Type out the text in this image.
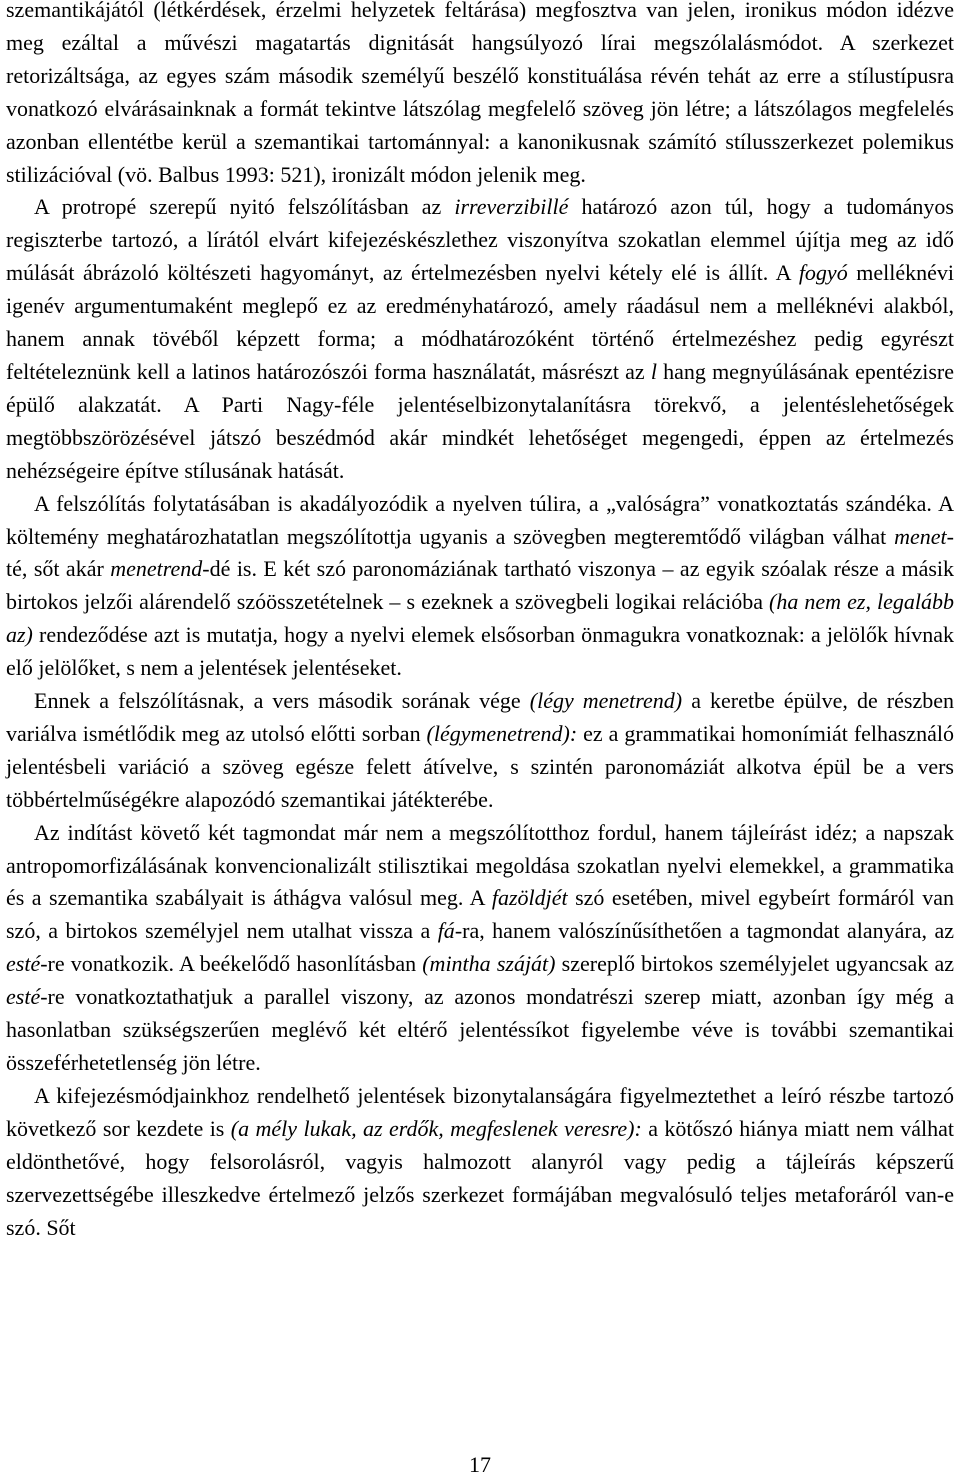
szemantikájától (létkérdések, érzelmi helyzetek feltárása) megfosztva van jelen, ironikus módon idézve meg ezáltal a művészi magatartás dignitását hangsúlyozó lírai megszólalásmódot. A szerkezet retorizáltsága, az egyes szám második személyű beszélő konstituálása révén tehát az erre a stílustípusra vonatkozó elvárásainknak a formát tekintve látszólag megfelelő szöveg jön létre; a látszólagos megfelelés azonban ellentétbe kerül a szemantikai tartománnyal: a kanonikusnak számító stílusszerkezet polemikus stilizációval (vö. Balbus 1993: 521), ironizált módon jelenik meg.

A protropé szerepű nyitó felszólításban az irreverzibillé határozó azon túl, hogy a tudományos regiszterbe tartozó, a lírától elvárt kifejezéskészlethez viszonyítva szokatlan elemmel újítja meg az idő múlását ábrázoló költészeti hagyományt, az értelmezésben nyelvi kétely elé is állít. A fogyó melléknévi igenév argumentumaként meglepő ez az eredményhatározó, amely ráadásul nem a melléknévi alakból, hanem annak tövéből képzett forma; a módhatározóként történő értelmezéshez pedig egyrészt feltételeznünk kell a latinos határozószói forma használatát, másrészt az l hang megnyúlásának epentézisre épülő alakzatát. A Parti Nagy-féle jelentéselbizonytalanításra törekvő, a jelentéslehetőségek megtöbbszörözésével játszó beszédmód akár mindkét lehetőséget megengedi, éppen az értelmezés nehézségeire építve stílusának hatását.

A felszólítás folytatásában is akadályozódik a nyelven túlira, a „valóságra” vonatkoztatás szándéka. A költemény meghatározhatatlan megszólítottja ugyanis a szövegben megteremtődő világban válhat menet-té, sőt akár menetrend-dé is. E két szó paronomáziának tartható viszonya – az egyik szóalak része a másik birtokos jelzői alárendelő szóösszetételnek – s ezeknek a szövegbeli logikai relációba (ha nem ez, legalább az) rendeződése azt is mutatja, hogy a nyelvi elemek elsősorban önmagukra vonatkoznak: a jelölők hívnak elő jelölőket, s nem a jelentések jelentéseket.

Ennek a felszólításnak, a vers második sorának vége (légy menetrend) a keretbe épülve, de részben variálva ismétlődik meg az utolsó előtti sorban (légymenetrend): ez a grammatikai homonímiát felhasználó jelentésbeli variáció a szöveg egésze felett átívelve, s szintén paronomáziát alkotva épül be a vers többértelműségékre alapozódó szemantikai játékterébe.

Az indítást követő két tagmondat már nem a megszólítotthoz fordul, hanem tájleírást idéz; a napszak antropomorfizálásának konvencionalizált stilisztikai megoldása szokatlan nyelvi elemekkel, a grammatika és a szemantika szabályait is áthágva valósul meg. A fazöldjét szó esetében, mivel egybeírt formáról van szó, a birtokos személyjel nem utalhat vissza a fá-ra, hanem valószínűsíthetően a tagmondat alanyára, az esté-re vonatkozik. A beékelődő hasonlításban (mintha száját) szereplő birtokos személyjelet ugyancsak az esté-re vonatkoztathatjuk a parallel viszony, az azonos mondatrészi szerep miatt, azonban így még a hasonlatban szükségszerűen meglévő két eltérő jelentéssíkot figyelembe véve is további szemantikai összeférhetetlenség jön létre.

A kifejezésmódjainkhoz rendelhető jelentések bizonytalanságára figyelmeztethet a leíró részbe tartozó következő sor kezdete is (a mély lukak, az erdők, megfeslenek veresre): a kötőszó hiánya miatt nem válhat eldönthetővé, hogy felsorolásról, vagyis halmozott alanyról vagy pedig a tájleírás képszerű szervezettségébe illeszkedve értelmező jelzős szerkezet formájában megvalósuló teljes metaforáról van-e szó. Sőt

17
